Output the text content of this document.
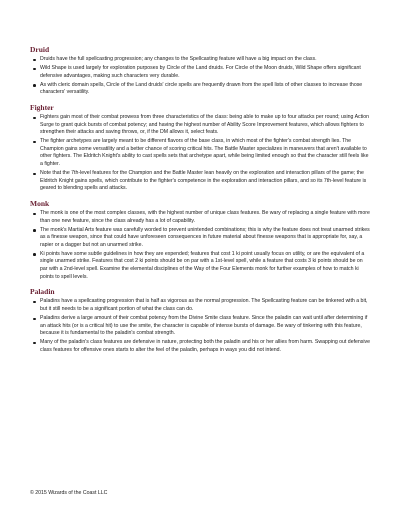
Druid
Druids have the full spellcasting progression; any changes to the Spellcasting feature will have a big impact on the class.
Wild Shape is used largely for exploration purposes by Circle of the Land druids. For Circle of the Moon druids, Wild Shape offers significant defensive advantages, making such characters very durable.
As with cleric domain spells, Circle of the Land druids' circle spells are frequently drawn from the spell lists of other classes to increase those characters' versatility.
Fighter
Fighters gain most of their combat prowess from three characteristics of the class: being able to make up to four attacks per round; using Action Surge to grant quick bursts of combat potency; and having the highest number of Ability Score Improvement features, which allows fighters to strengthen their attacks and saving throws, or, if the DM allows it, select feats.
The fighter archetypes are largely meant to be different flavors of the base class, in which most of the fighter's combat strength lies. The Champion gains some versatility and a better chance of scoring critical hits. The Battle Master specializes in maneuvers that aren't available to other fighters. The Eldritch Knight's ability to cast spells sets that archetype apart, while being limited enough so that the character still feels like a fighter.
Note that the 7th-level features for the Champion and the Battle Master lean heavily on the exploration and interaction pillars of the game; the Eldritch Knight gains spells, which contribute to the fighter's competence in the exploration and interaction pillars, and so its 7th-level feature is geared to blending spells and attacks.
Monk
The monk is one of the most complex classes, with the highest number of unique class features. Be wary of replacing a single feature with more than one new feature, since the class already has a lot of capability.
The monk's Martial Arts feature was carefully worded to prevent unintended combinations; this is why the feature does not treat unarmed strikes as a finesse weapon, since that could have unforeseen consequences in future material about finesse weapons that is appropriate for, say, a rapier or a dagger but not an unarmed strike.
Ki points have some subtle guidelines in how they are expended; features that cost 1 ki point usually focus on utility, or are the equivalent of a single unarmed strike. Features that cost 2 ki points should be on par with a 1st-level spell, while a feature that costs 3 ki points should be on par with a 2nd-level spell. Examine the elemental disciplines of the Way of the Four Elements monk for further examples of how to match ki points to spell levels.
Paladin
Paladins have a spellcasting progression that is half as vigorous as the normal progression. The Spellcasting feature can be tinkered with a bit, but it still needs to be a significant portion of what the class can do.
Paladins derive a large amount of their combat potency from the Divine Smite class feature. Since the paladin can wait until after determining if an attack hits (or is a critical hit) to use the smite, the character is capable of intense bursts of damage. Be wary of tinkering with this feature, because it is fundamental to the paladin's combat strength.
Many of the paladin's class features are defensive in nature, protecting both the paladin and his or her allies from harm. Swapping out defensive class features for offensive ones starts to alter the feel of the paladin, perhaps in ways you did not intend.
© 2015 Wizards of the Coast LLC
